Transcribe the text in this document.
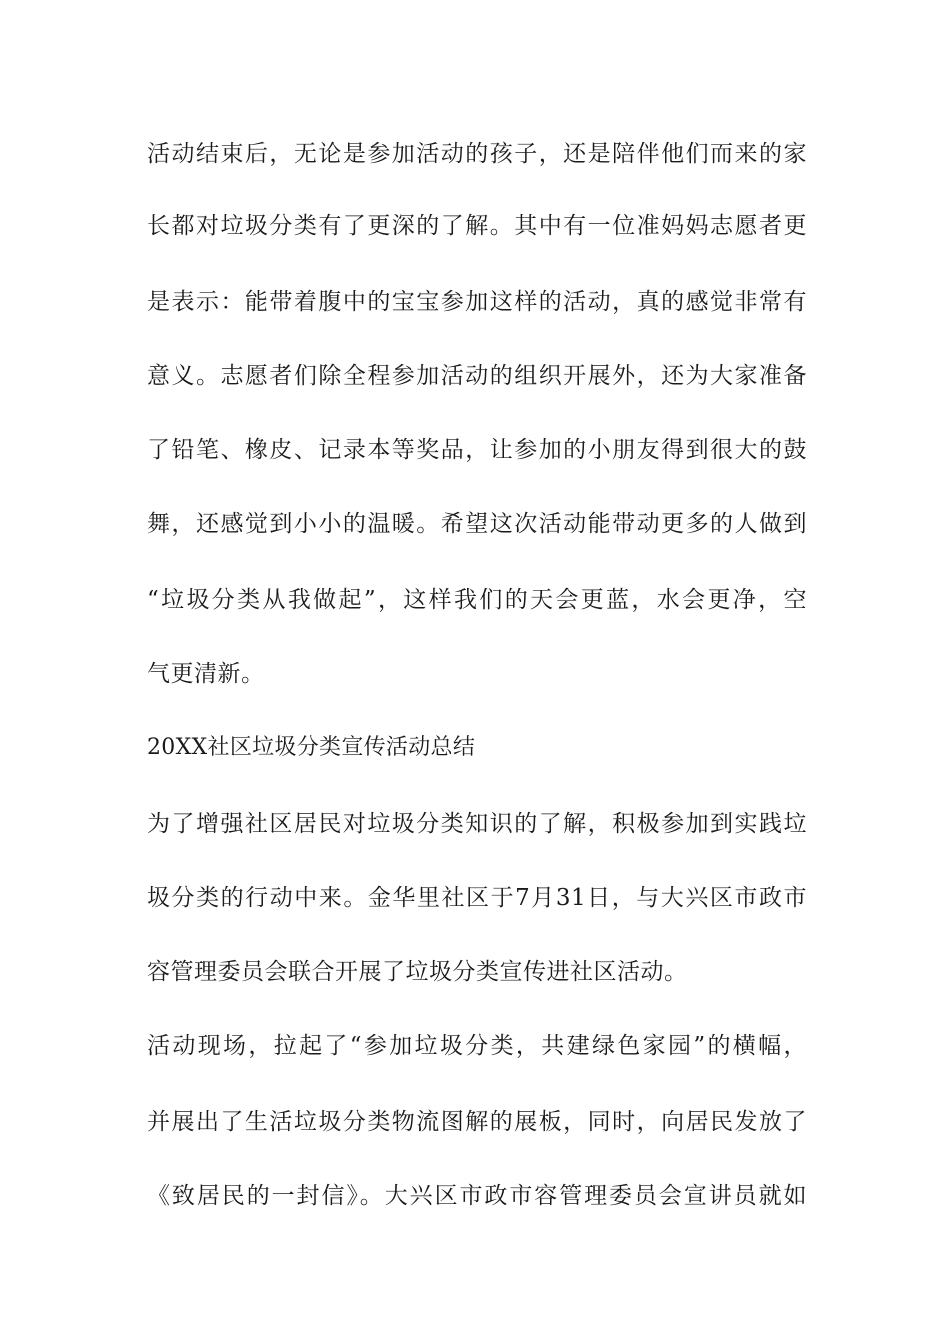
活动结束后，无论是参加活动的孩子，还是陪伴他们而来的家
长都对垃圾分类有了更深的了解。其中有一位准妈妈志愿者更
是表示：能带着腹中的宝宝参加这样的活动，真的感觉非常有
意义。志愿者们除全程参加活动的组织开展外，还为大家准备
了铅笔、橡皮、记录本等奖品，让参加的小朋友得到很大的鼓
舞，还感觉到小小的温暖。希望这次活动能带动更多的人做到
“垃圾分类从我做起”，这样我们的天会更蓝，水会更净，空
气更清新。
20XX社区垃圾分类宣传活动总结
为了增强社区居民对垃圾分类知识的了解，积极参加到实践垃
圾分类的行动中来。金华里社区于7月31日，与大兴区市政市
容管理委员会联合开展了垃圾分类宣传进社区活动。
活动现场，拉起了“参加垃圾分类，共建绿色家园”的横幅，
并展出了生活垃圾分类物流图解的展板，同时，向居民发放了
《致居民的一封信》。大兴区市政市容管理委员会宣讲员就如
